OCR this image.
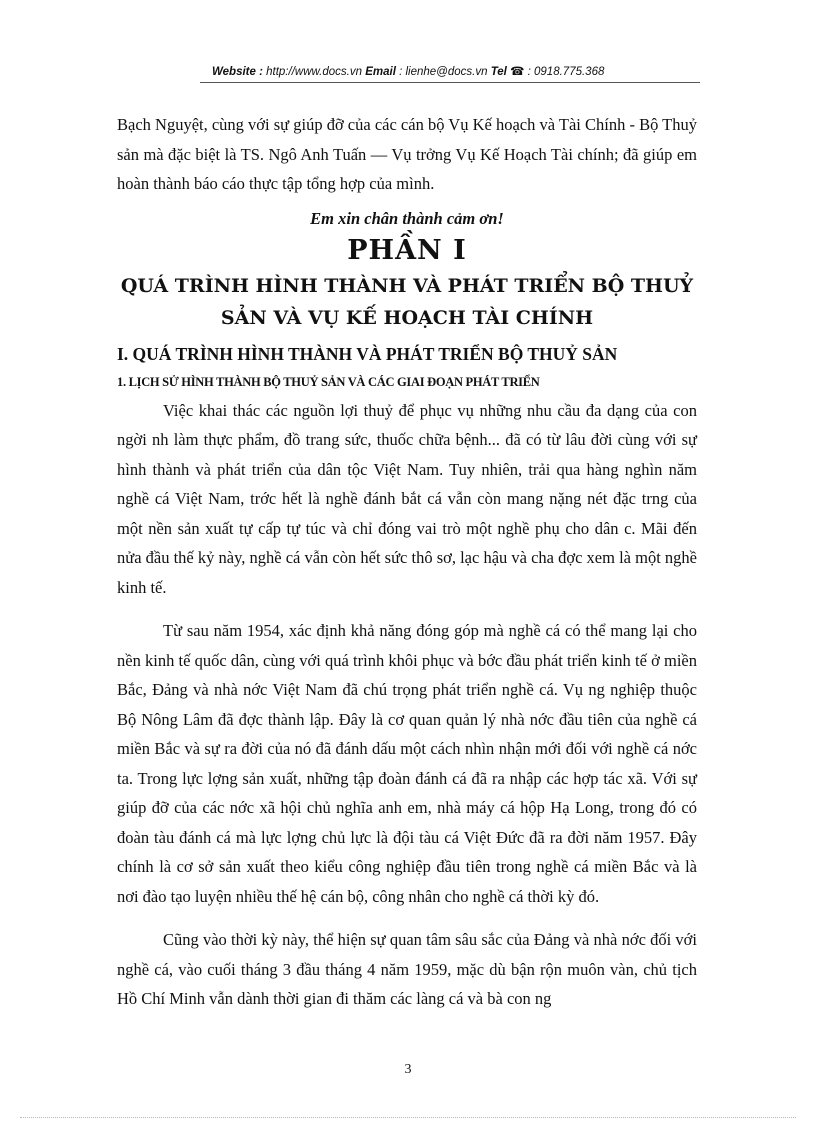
Website : http://www.docs.vn Email : lienhe@docs.vn Tel ☎ : 0918.775.368

Bạch Nguyệt, cùng với sự giúp đỡ của các cán bộ Vụ Kế hoạch và Tài Chính - Bộ Thuỷ sản mà đặc biệt là TS. Ngô Anh Tuấn — Vụ trởng Vụ Kế Hoạch Tài chính; đã giúp em hoàn thành báo cáo thực tập tổng hợp của mình.

Em xin chân thành cảm ơn!
PHẦN I
QUÁ TRÌNH HÌNH THÀNH VÀ PHÁT TRIỂN BỘ THUỶ SẢN VÀ VỤ KẾ HOẠCH TÀI CHÍNH
I. QUÁ TRÌNH HÌNH THÀNH VÀ PHÁT TRIỂN BỘ THUỶ SẢN
1. LỊCH SỬ HÌNH THÀNH BỘ THUỶ SẢN VÀ CÁC GIAI ĐOẠN PHÁT TRIỂN

Việc khai thác các nguồn lợi thuỷ để phục vụ những nhu cầu đa dạng của con ngời nh làm thực phẩm, đồ trang sức, thuốc chữa bệnh... đã có từ lâu đời cùng với sự hình thành và phát triển của dân tộc Việt Nam. Tuy nhiên, trải qua hàng nghìn năm nghề cá Việt Nam, trớc hết là nghề đánh bắt cá vẫn còn mang nặng nét đặc trng của một nền sản xuất tự cấp tự túc và chỉ đóng vai trò một nghề phụ cho dân c. Mãi đến nửa đầu thế kỷ này, nghề cá vẫn còn hết sức thô sơ, lạc hậu và cha đợc xem là một nghề kinh tế.

Từ sau năm 1954, xác định khả năng đóng góp mà nghề cá có thể mang lại cho nền kinh tế quốc dân, cùng với quá trình khôi phục và bớc đầu phát triển kinh tế ở miền Bắc, Đảng và nhà nớc Việt Nam đã chú trọng phát triển nghề cá. Vụ ng nghiệp thuộc Bộ Nông Lâm đã đợc thành lập. Đây là cơ quan quản lý nhà nớc đầu tiên của nghề cá miền Bắc và sự ra đời của nó đã đánh dấu một cách nhìn nhận mới đối với nghề cá nớc ta. Trong lực lợng sản xuất, những tập đoàn đánh cá đã ra nhập các hợp tác xã. Với sự giúp đỡ của các nớc xã hội chủ nghĩa anh em, nhà máy cá hộp Hạ Long, trong đó có đoàn tàu đánh cá mà lực lợng chủ lực là đội tàu cá Việt Đức đã ra đời năm 1957. Đây chính là cơ sở sản xuất theo kiểu công nghiệp đầu tiên trong nghề cá miền Bắc và là nơi đào tạo luyện nhiều thế hệ cán bộ, công nhân cho nghề cá thời kỳ đó.

Cũng vào thời kỳ này, thể hiện sự quan tâm sâu sắc của Đảng và nhà nớc đối với nghề cá, vào cuối tháng 3 đầu tháng 4 năm 1959, mặc dù bận rộn muôn vàn, chủ tịch Hồ Chí Minh vẫn dành thời gian đi thăm các làng cá và bà con ng

3
